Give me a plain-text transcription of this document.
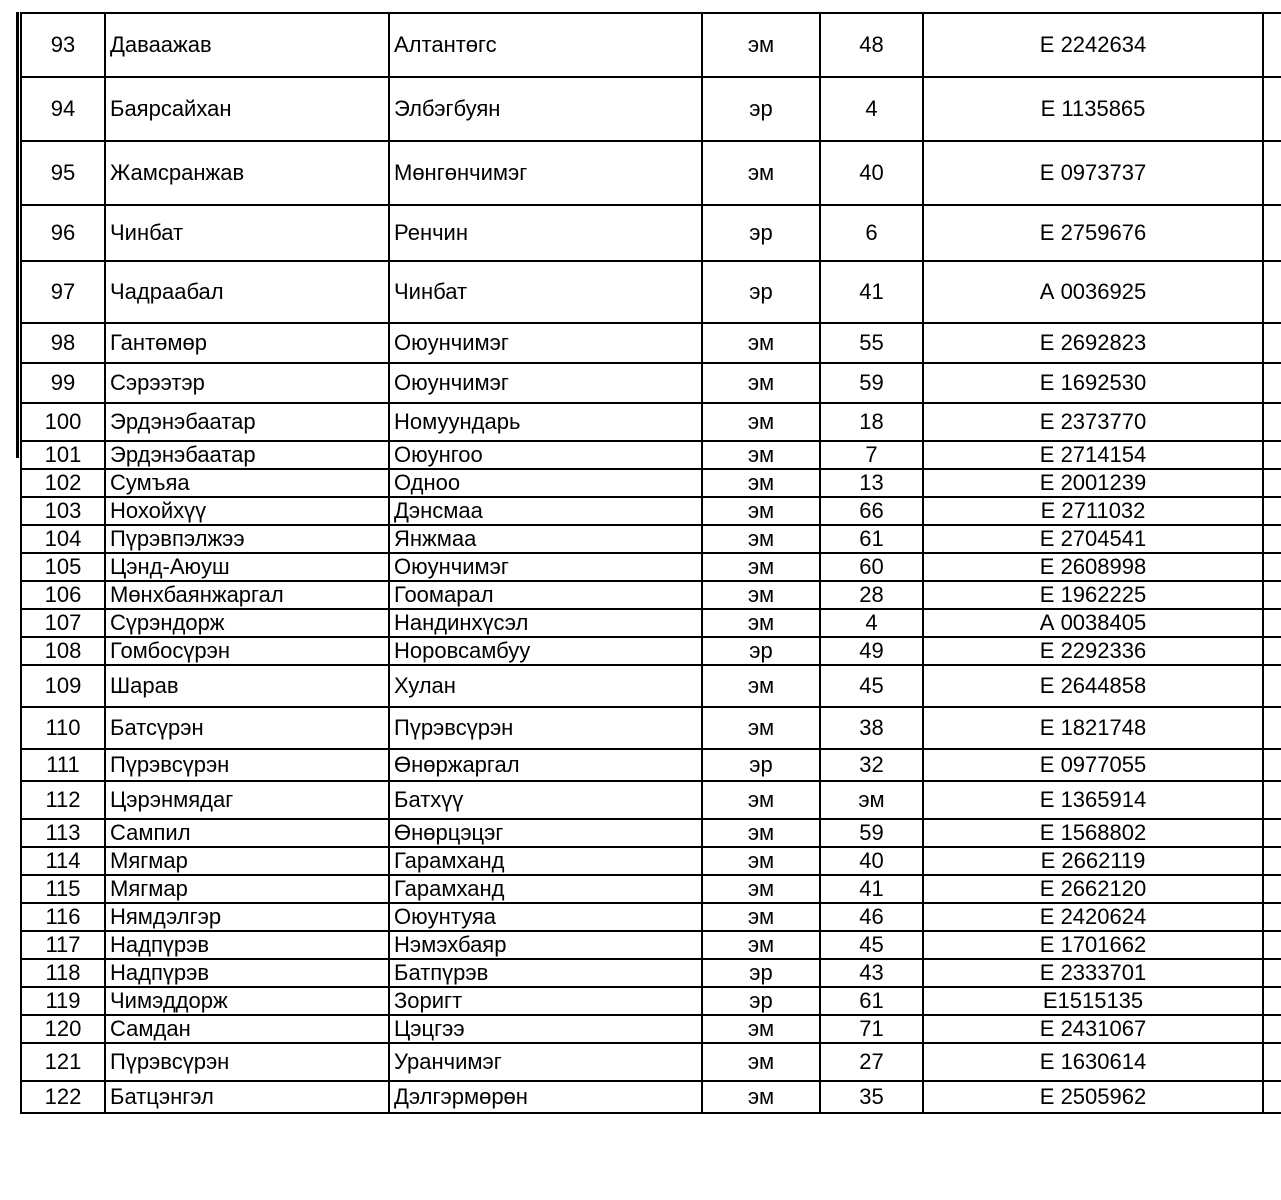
93	Даваажав	Алтантөгс	эм	48	Е 2242634	
94	Баярсайхан	Элбэгбуян	эр	4	Е 1135865	
95	Жамсранжав	Мөнгөнчимэг	эм	40	Е 0973737	
96	Чинбат	Ренчин	эр	6	Е 2759676	
97	Чадраабал	Чинбат	эр	41	А 0036925	
98	Гантөмөр	Оюунчимэг	эм	55	Е 2692823	
99	Сэрээтэр	Оюунчимэг	эм	59	Е 1692530	
100	Эрдэнэбаатар	Номуундарь	эм	18	Е 2373770	
101	Эрдэнэбаатар	Оюунгоо	эм	7	Е 2714154	
102	Сумъяа	Одноо	эм	13	Е 2001239	
103	Нохойхүү	Дэнсмаа	эм	66	Е 2711032	
104	Пүрэвпэлжээ	Янжмаа	эм	61	Е 2704541	
105	Цэнд-Аюуш	Оюунчимэг	эм	60	Е 2608998	
106	Мөнхбаянжаргал	Гоомарал	эм	28	Е 1962225	
107	Сүрэндорж	Нандинхүсэл	эм	4	А 0038405	
108	Гомбосүрэн	Норовсамбуу	эр	49	Е 2292336	
109	Шарав	Хулан	эм	45	Е 2644858	
110	Батсүрэн	Пүрэвсүрэн	эм	38	Е 1821748	
111	Пүрэвсүрэн	Өнөржаргал	эр	32	Е 0977055	
112	Цэрэнмядаг	Батхүү	эм	эм	Е 1365914	
113	Сампил	Өнөрцэцэг	эм	59	Е 1568802	
114	Мягмар	Гарамханд	эм	40	Е 2662119	
115	Мягмар	Гарамханд	эм	41	Е 2662120	
116	Нямдэлгэр	Оюунтуяа	эм	46	Е 2420624	
117	Надпүрэв	Нэмэхбаяр	эм	45	Е 1701662	
118	Надпүрэв	Батпүрэв	эр	43	Е 2333701	
119	Чимэддорж	Зоригт	эр	61	Е1515135	
120	Самдан	Цэцгээ	эм	71	Е 2431067	
121	Пүрэвсүрэн	Уранчимэг	эм	27	Е 1630614	
122	Батцэнгэл	Дэлгэрмөрөн	эм	35	Е 2505962	
